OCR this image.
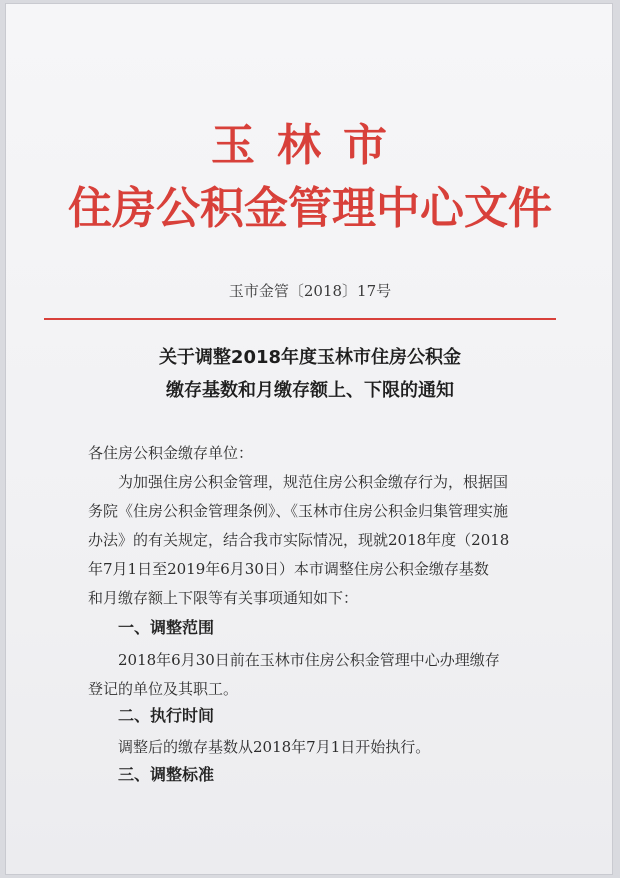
玉林市
住房公积金管理中心文件
玉市金管〔2018〕17号
关于调整2018年度玉林市住房公积金
缴存基数和月缴存额上、下限的通知
各住房公积金缴存单位：
为加强住房公积金管理，规范住房公积金缴存行为，根据国
务院《住房公积金管理条例》、《玉林市住房公积金归集管理实施
办法》的有关规定，结合我市实际情况，现就2018年度（2018
年7月1日至2019年6月30日）本市调整住房公积金缴存基数
和月缴存额上下限等有关事项通知如下：
2018年6月30日前在玉林市住房公积金管理中心办理缴存
登记的单位及其职工。
调整后的缴存基数从2018年7月1日开始执行。
一、调整范围
二、执行时间
三、调整标准
